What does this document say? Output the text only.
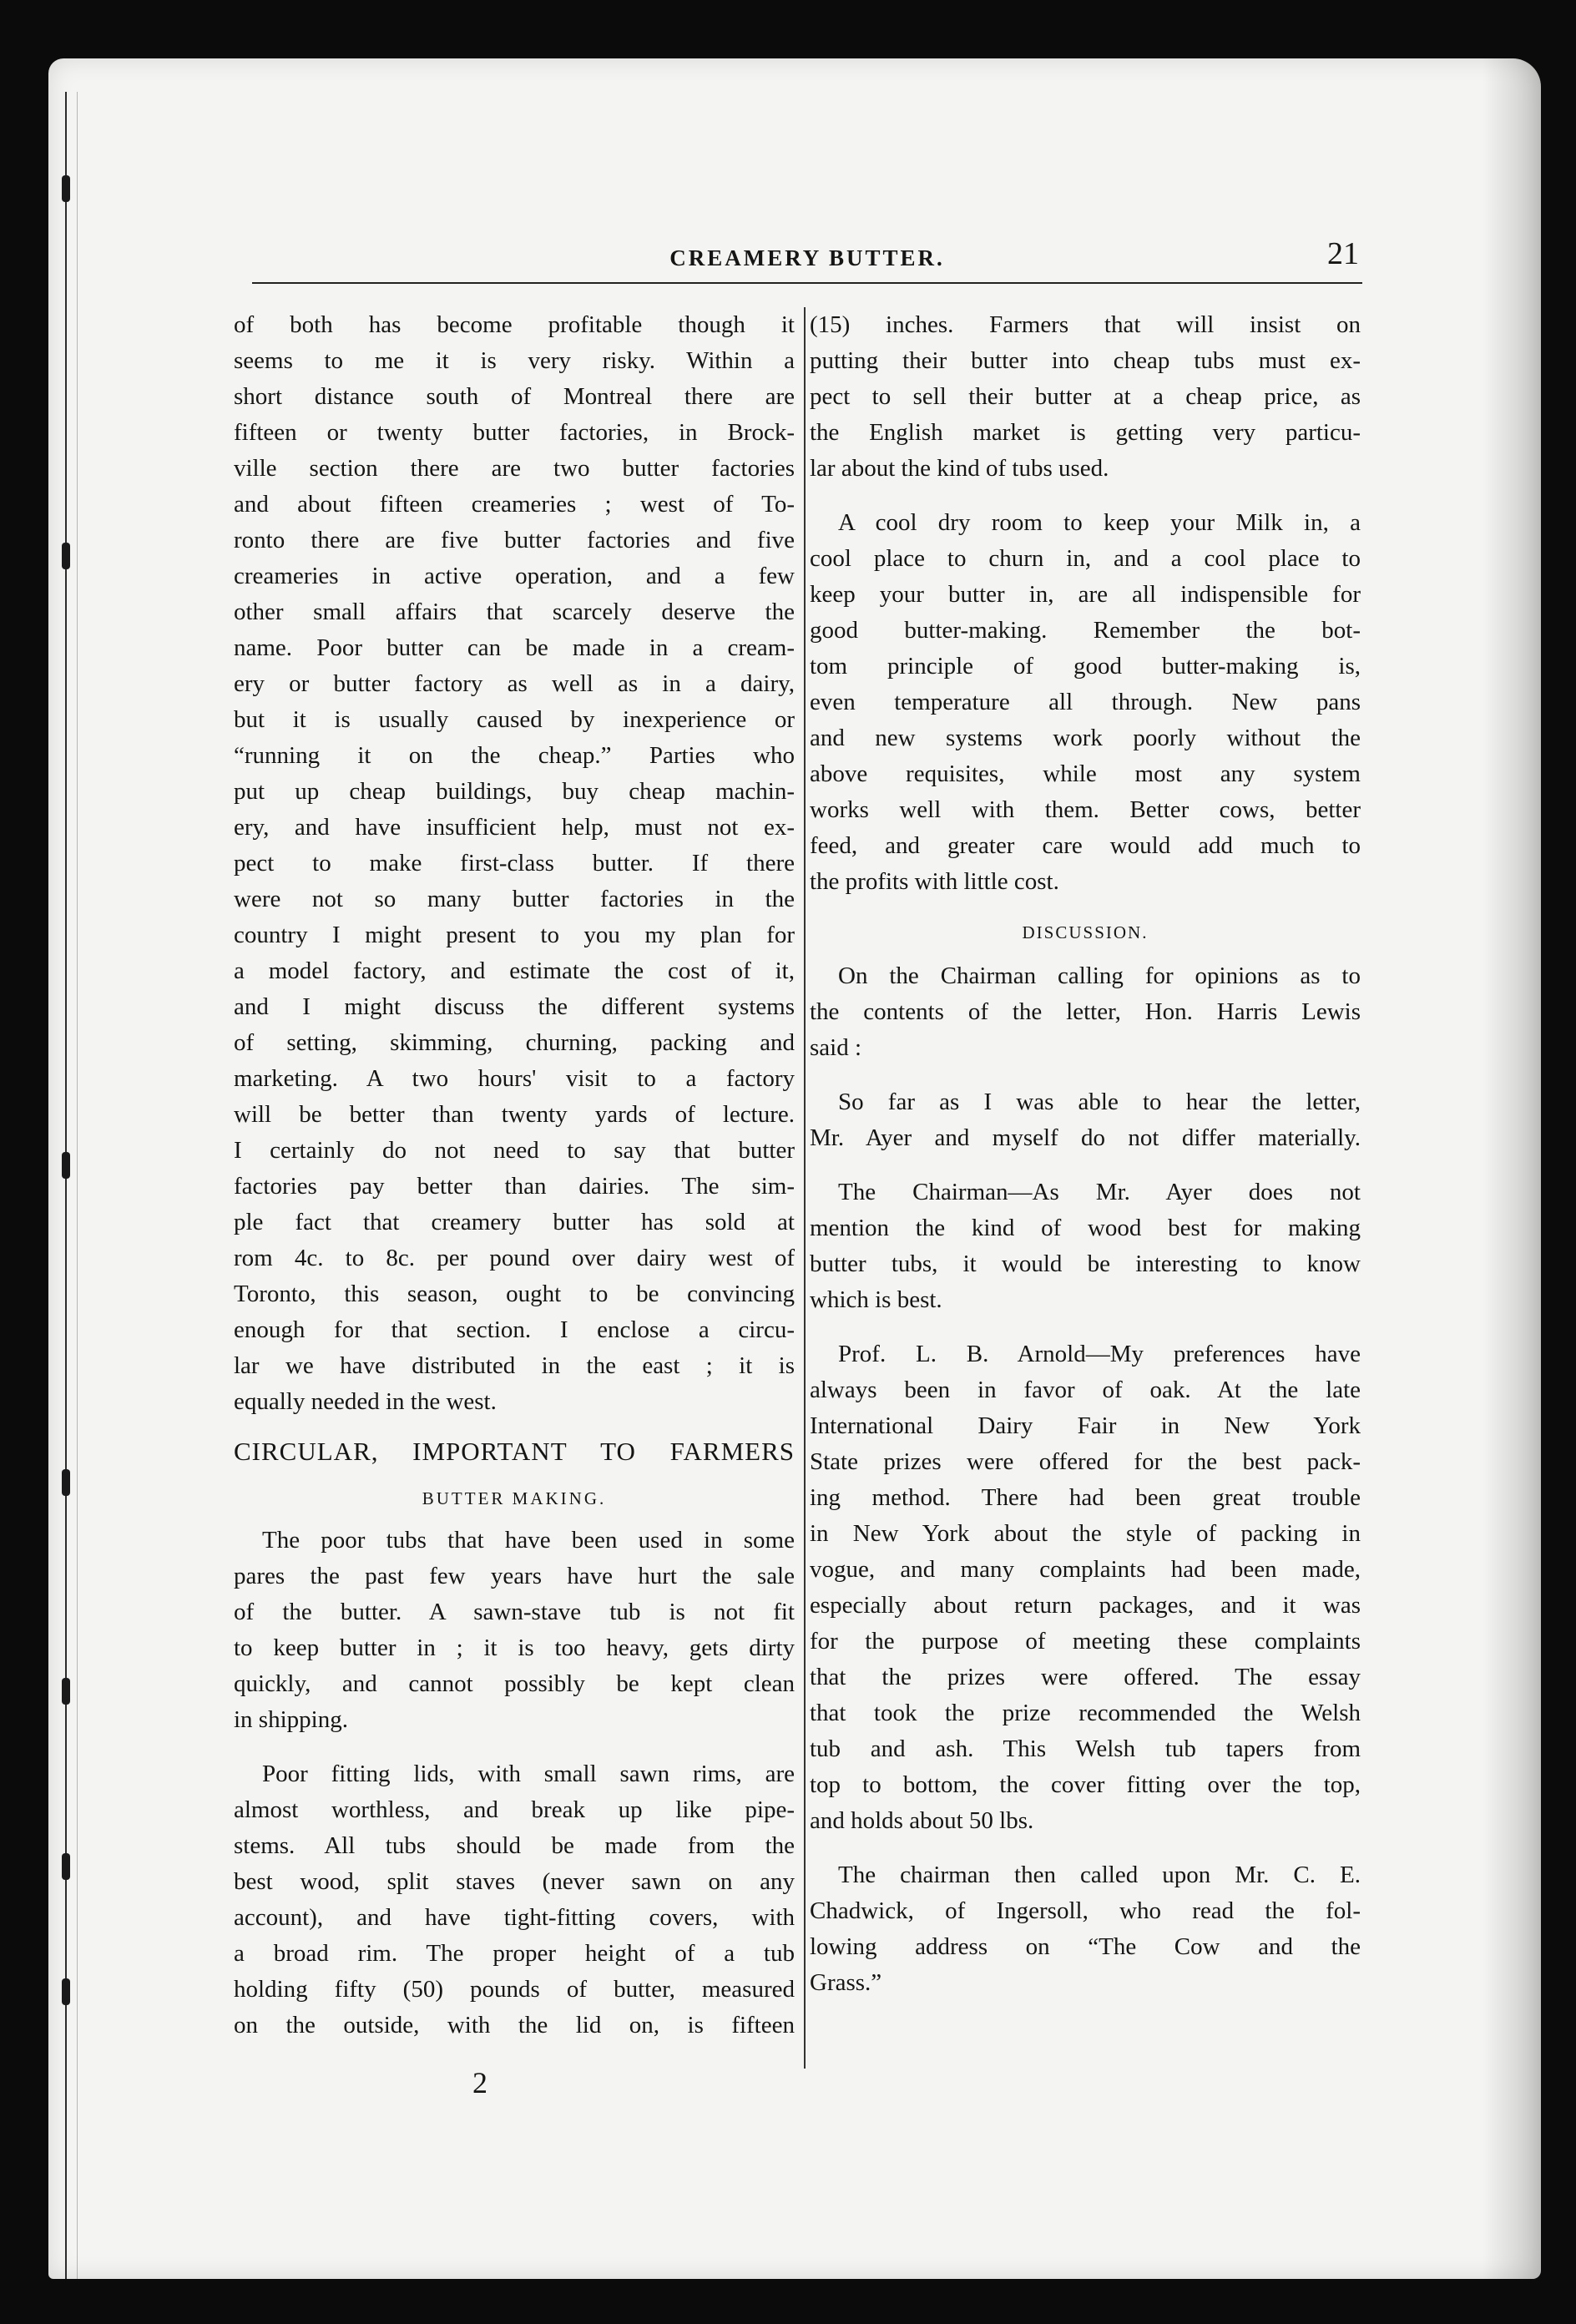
CREAMERY BUTTER.	21

of both has become profitable though it

seems to me it is very risky. Within a

short distance south of Montreal there are

fifteen or twenty butter factories, in Brock-

ville section there are two butter factories

and about fifteen creameries ; west of To-

ronto there are five butter factories and five

creameries in active operation, and a few

other small affairs that scarcely deserve the

name. Poor butter can be made in a cream-

ery or butter factory as well as in a dairy,

but it is usually caused by inexperience or

“running it on the cheap.” Parties who

put up cheap buildings, buy cheap machin-

ery, and have insufficient help, must not ex-

pect to make first-class butter. If there

were not so many butter factories in the

country I might present to you my plan for

a model factory, and estimate the cost of it,

and I might discuss the different systems

of setting, skimming, churning, packing and

marketing. A two hours' visit to a factory

will be better than twenty yards of lecture.

I certainly do not need to say that butter

factories pay better than dairies. The sim-

ple fact that creamery butter has sold at

rom 4c. to 8c. per pound over dairy west of

Toronto, this season, ought to be convincing

enough for that section. I enclose a circu-

lar we have distributed in the east ; it is

equally needed in the west.

CIRCULAR, IMPORTANT TO FARMERS

BUTTER MAKING.

The poor tubs that have been used in some

pares the past few years have hurt the sale

of the butter. A sawn-stave tub is not fit

to keep butter in ; it is too heavy, gets dirty

quickly, and cannot possibly be kept clean

in shipping.

Poor fitting lids, with small sawn rims, are

almost worthless, and break up like pipe-

stems. All tubs should be made from the

best wood, split staves (never sawn on any

account), and have tight-fitting covers, with

a broad rim. The proper height of a tub

holding fifty (50) pounds of butter, measured

on the outside, with the lid on, is fifteen

(15) inches. Farmers that will insist on

putting their butter into cheap tubs must ex-

pect to sell their butter at a cheap price, as

the English market is getting very particu-

lar about the kind of tubs used.

A cool dry room to keep your Milk in, a

cool place to churn in, and a cool place to

keep your butter in, are all indispensible for

good butter-making. Remember the bot-

tom principle of good butter-making is,

even temperature all through. New pans

and new systems work poorly without the

above requisites, while most any system

works well with them. Better cows, better

feed, and greater care would add much to

the profits with little cost.

DISCUSSION.

On the Chairman calling for opinions as to

the contents of the letter, Hon. Harris Lewis

said :

So far as I was able to hear the letter,

Mr. Ayer and myself do not differ materially.

The Chairman—As Mr. Ayer does not

mention the kind of wood best for making

butter tubs, it would be interesting to know

which is best.

Prof. L. B. Arnold—My preferences have

always been in favor of oak. At the late

International Dairy Fair in New York

State prizes were offered for the best pack-

ing method. There had been great trouble

in New York about the style of packing in

vogue, and many complaints had been made,

especially about return packages, and it was

for the purpose of meeting these complaints

that the prizes were offered. The essay

that took the prize recommended the Welsh

tub and ash. This Welsh tub tapers from

top to bottom, the cover fitting over the top,

and holds about 50 lbs.

The chairman then called upon Mr. C. E.

Chadwick, of Ingersoll, who read the fol-

lowing address on “The Cow and the

Grass.”

2
